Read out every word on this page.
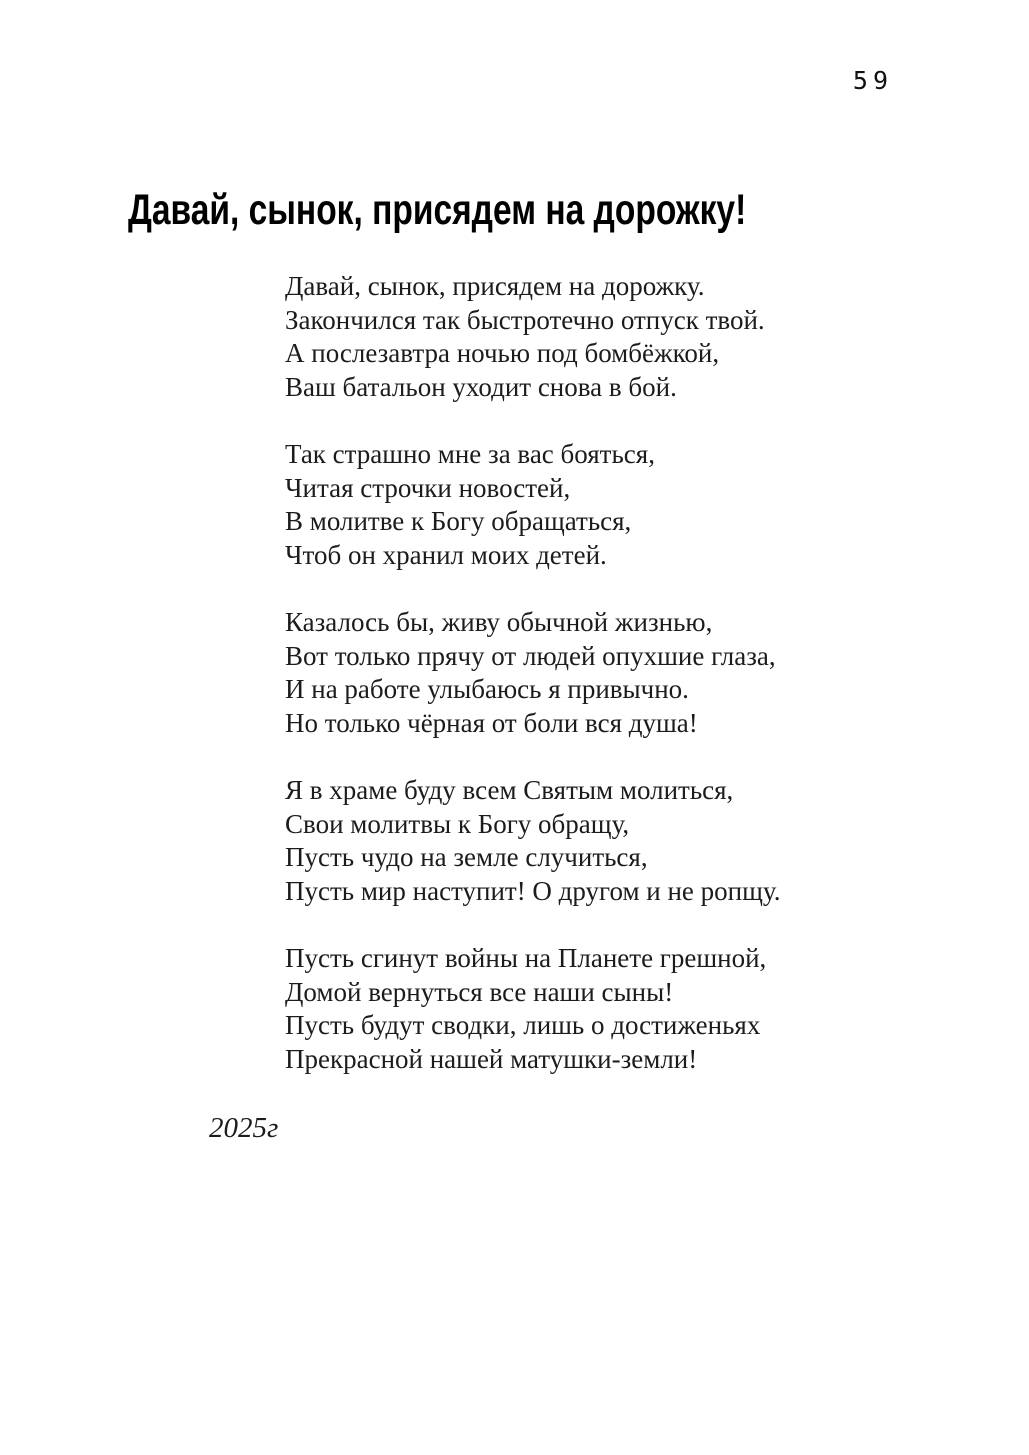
59
Давай, сынок, присядем на дорожку!
Давай, сынок, присядем на дорожку.
Закончился так быстротечно отпуск твой.
А послезавтра ночью под бомбёжкой,
Ваш батальон уходит снова в бой.
Так страшно мне за вас бояться,
Читая строчки новостей,
В молитве к Богу обращаться,
Чтоб он хранил моих детей.
Казалось бы, живу обычной жизнью,
Вот только прячу от людей опухшие глаза,
И на работе улыбаюсь я привычно.
Но только чёрная от боли вся душа!
Я в храме буду всем Святым молиться,
Свои молитвы к Богу обращу,
Пусть чудо на земле случиться,
Пусть мир наступит! О другом и не ропщу.
Пусть сгинут войны на Планете грешной,
Домой вернуться все наши сыны!
Пусть будут сводки, лишь о достиженьях
Прекрасной нашей матушки-земли!
2025г
